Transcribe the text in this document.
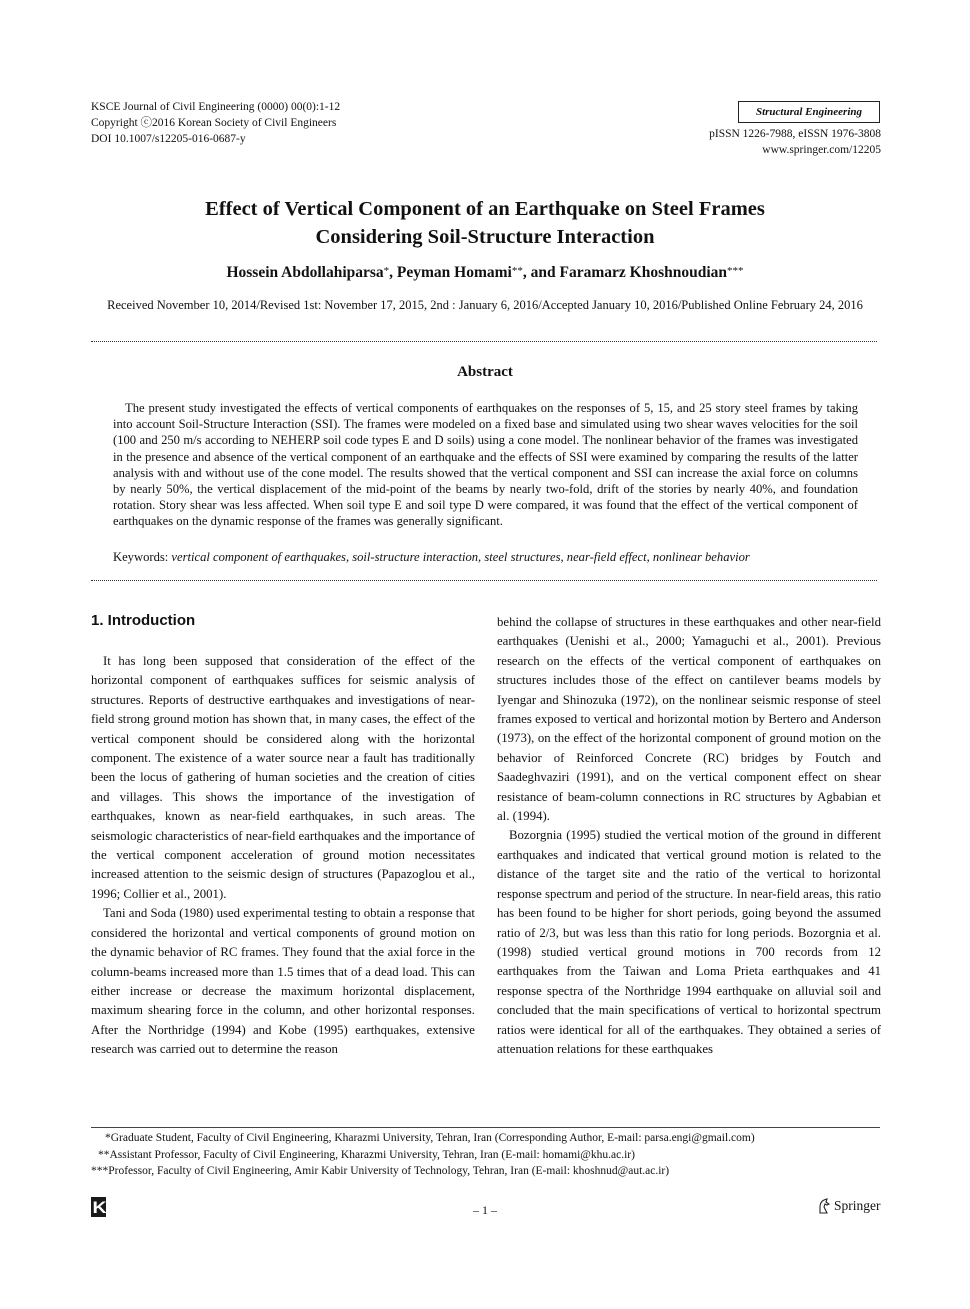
KSCE Journal of Civil Engineering (0000) 00(0):1-12
Copyright ⓒ2016 Korean Society of Civil Engineers
DOI 10.1007/s12205-016-0687-y
Structural Engineering
pISSN 1226-7988, eISSN 1976-3808
www.springer.com/12205
Effect of Vertical Component of an Earthquake on Steel Frames
Considering Soil-Structure Interaction
Hossein Abdollahiparsa*, Peyman Homami**, and Faramarz Khoshnoudian***
Received November 10, 2014/Revised 1st: November 17, 2015, 2nd : January 6, 2016/Accepted January 10, 2016/Published Online February 24, 2016
Abstract
The present study investigated the effects of vertical components of earthquakes on the responses of 5, 15, and 25 story steel frames by taking into account Soil-Structure Interaction (SSI). The frames were modeled on a fixed base and simulated using two shear waves velocities for the soil (100 and 250 m/s according to NEHERP soil code types E and D soils) using a cone model. The nonlinear behavior of the frames was investigated in the presence and absence of the vertical component of an earthquake and the effects of SSI were examined by comparing the results of the latter analysis with and without use of the cone model. The results showed that the vertical component and SSI can increase the axial force on columns by nearly 50%, the vertical displacement of the mid-point of the beams by nearly two-fold, drift of the stories by nearly 40%, and foundation rotation. Story shear was less affected. When soil type E and soil type D were compared, it was found that the effect of the vertical component of earthquakes on the dynamic response of the frames was generally significant.
Keywords: vertical component of earthquakes, soil-structure interaction, steel structures, near-field effect, nonlinear behavior
1. Introduction

It has long been supposed that consideration of the effect of the horizontal component of earthquakes suffices for seismic analysis of structures. Reports of destructive earthquakes and investigations of near-field strong ground motion has shown that, in many cases, the effect of the vertical component should be considered along with the horizontal component. The existence of a water source near a fault has traditionally been the locus of gathering of human societies and the creation of cities and villages. This shows the importance of the investigation of earthquakes, known as near-field earthquakes, in such areas. The seismologic characteristics of near-field earthquakes and the importance of the vertical component acceleration of ground motion necessitates increased attention to the seismic design of structures (Papazoglou et al., 1996; Collier et al., 2001).

Tani and Soda (1980) used experimental testing to obtain a response that considered the horizontal and vertical components of ground motion on the dynamic behavior of RC frames. They found that the axial force in the column-beams increased more than 1.5 times that of a dead load. This can either increase or decrease the maximum horizontal displacement, maximum shearing force in the column, and other horizontal responses. After the Northridge (1994) and Kobe (1995) earthquakes, extensive research was carried out to determine the reason

behind the collapse of structures in these earthquakes and other near-field earthquakes (Uenishi et al., 2000; Yamaguchi et al., 2001). Previous research on the effects of the vertical component of earthquakes on structures includes those of the effect on cantilever beams models by Iyengar and Shinozuka (1972), on the nonlinear seismic response of steel frames exposed to vertical and horizontal motion by Bertero and Anderson (1973), on the effect of the horizontal component of ground motion on the behavior of Reinforced Concrete (RC) bridges by Foutch and Saadeghvaziri (1991), and on the vertical component effect on shear resistance of beam-column connections in RC structures by Agbabian et al. (1994).

Bozorgnia (1995) studied the vertical motion of the ground in different earthquakes and indicated that vertical ground motion is related to the distance of the target site and the ratio of the vertical to horizontal response spectrum and period of the structure. In near-field areas, this ratio has been found to be higher for short periods, going beyond the assumed ratio of 2/3, but was less than this ratio for long periods. Bozorgnia et al. (1998) studied vertical ground motions in 700 records from 12 earthquakes from the Taiwan and Loma Prieta earthquakes and 41 response spectra of the Northridge 1994 earthquake on alluvial soil and concluded that the main specifications of vertical to horizontal spectrum ratios were identical for all of the earthquakes. They obtained a series of attenuation relations for these earthquakes

*Graduate Student, Faculty of Civil Engineering, Kharazmi University, Tehran, Iran (Corresponding Author, E-mail: parsa.engi@gmail.com)
**Assistant Professor, Faculty of Civil Engineering, Kharazmi University, Tehran, Iran (E-mail: homami@khu.ac.ir)
***Professor, Faculty of Civil Engineering, Amir Kabir University of Technology, Tehran, Iran (E-mail: khoshnud@aut.ac.ir)
KSCE	– 1 –	Springer
